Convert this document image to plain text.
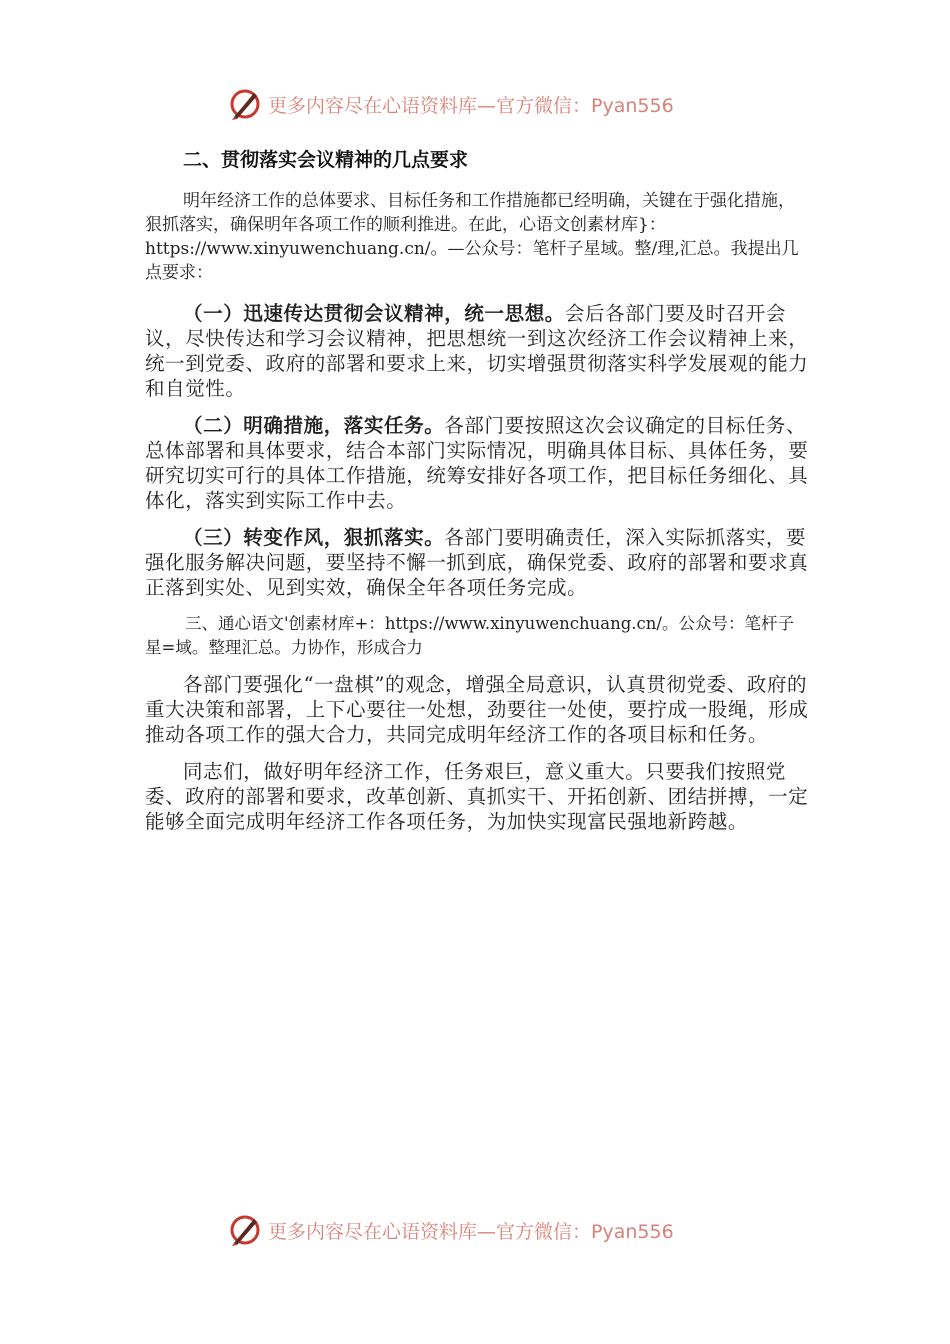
更多内容尽在心语资料库—官方微信：Pyan556
二、贯彻落实会议精神的几点要求

明年经济工作的总体要求、目标任务和工作措施都已经明确，关键在于强化措施，狠抓落实，确保明年各项工作的顺利推进。在此，心语文创素材库}：https://www.xinyuwenchuang.cn/。—公众号：笔杆子星域。整/理,汇总。我提出几点要求：

（一）迅速传达贯彻会议精神，统一思想。会后各部门要及时召开会议，尽快传达和学习会议精神，把思想统一到这次经济工作会议精神上来，统一到党委、政府的部署和要求上来，切实增强贯彻落实科学发展观的能力和自觉性。

（二）明确措施，落实任务。各部门要按照这次会议确定的目标任务、总体部署和具体要求，结合本部门实际情况，明确具体目标、具体任务，要研究切实可行的具体工作措施，统筹安排好各项工作，把目标任务细化、具体化，落实到实际工作中去。

（三）转变作风，狠抓落实。各部门要明确责任，深入实际抓落实，要强化服务解决问题，要坚持不懈一抓到底，确保党委、政府的部署和要求真正落到实处、见到实效，确保全年各项任务完成。

三、通心语文'创素材库+：https://www.xinyuwenchuang.cn/。公众号：笔杆子星=域。整理汇总。力协作，形成合力

各部门要强化“一盘棋”的观念，增强全局意识，认真贯彻党委、政府的重大决策和部署，上下心要往一处想，劲要往一处使，要拧成一股绳，形成推动各项工作的强大合力，共同完成明年经济工作的各项目标和任务。

同志们，做好明年经济工作，任务艰巨，意义重大。只要我们按照党委、政府的部署和要求，改革创新、真抓实干、开拓创新、团结拼搏，一定能够全面完成明年经济工作各项任务，为加快实现富民强地新跨越。

更多内容尽在心语资料库—官方微信：Pyan556
